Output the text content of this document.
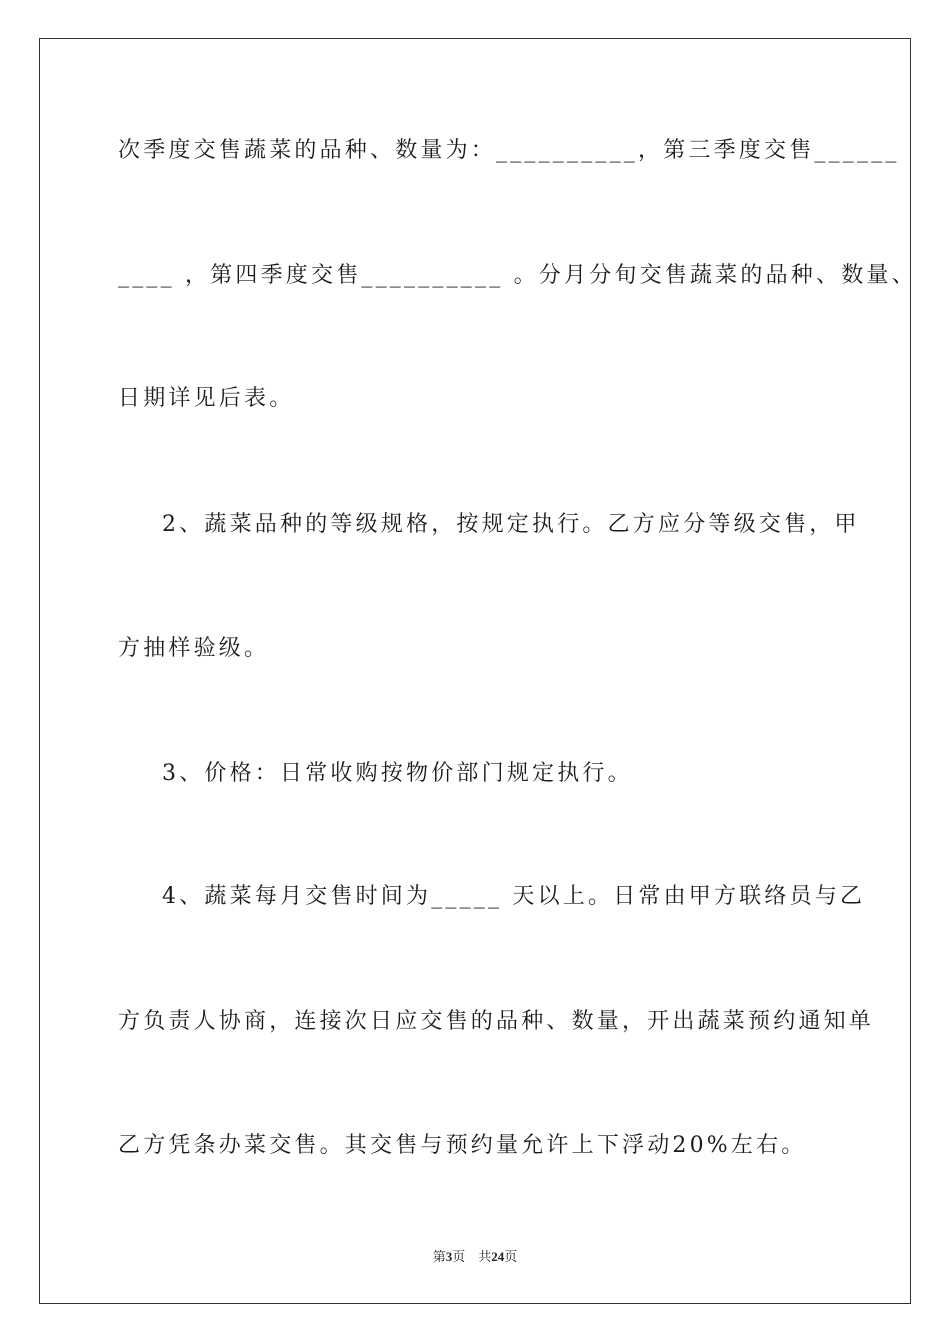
次季度交售蔬菜的品种、数量为：__________，第三季度交售______

____ ，第四季度交售__________ 。分月分旬交售蔬菜的品种、数量、

日期详见后表。

2、蔬菜品种的等级规格，按规定执行。乙方应分等级交售，甲

方抽样验级。

3、价格：日常收购按物价部门规定执行。

4、蔬菜每月交售时间为_____ 天以上。日常由甲方联络员与乙

方负责人协商，连接次日应交售的品种、数量，开出蔬菜预约通知单

乙方凭条办菜交售。其交售与预约量允许上下浮动20%左右。

第3页　共24页
